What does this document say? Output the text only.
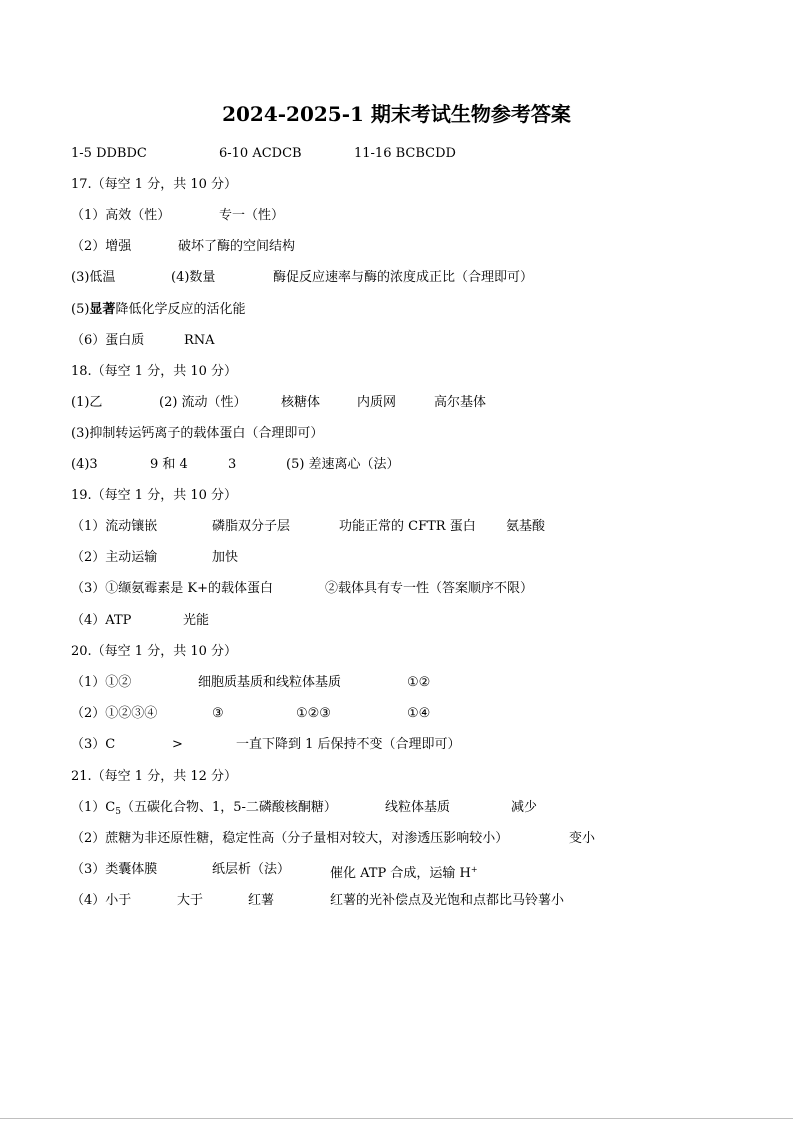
2024-2025-1 期末考试生物参考答案
1-5 DDBDC	6-10 ACDCB	11-16 BCBCDD
17.（每空 1 分，共 10 分）
（1）高效（性）	专一（性）
（2）增强	破坏了酶的空间结构
(3)低温	(4)数量	酶促反应速率与酶的浓度成正比（合理即可）
(5)显著降低化学反应的活化能
（6）蛋白质	RNA
18.（每空 1 分，共 10 分）
(1)乙	(2) 流动（性）	核糖体	内质网	高尔基体
(3)抑制转运钙离子的载体蛋白（合理即可）
(4)3	9 和 4	3	(5) 差速离心（法）
19.（每空 1 分，共 10 分）
（1）流动镶嵌	磷脂双分子层	功能正常的 CFTR 蛋白 氨基酸
（2）主动运输	加快
（3）①缬氨霉素是 K+的载体蛋白	②载体具有专一性（答案顺序不限）
（4）ATP	光能
20.（每空 1 分，共 10 分）
（1）①②	细胞质基质和线粒体基质	①②
（2）①②③④	③	①②③	①④
（3）C	>	一直下降到 1 后保持不变（合理即可）
21.（每空 1 分，共 12 分）
$(1)C_5$（五碳化合物、1，5-二磷酸核酮糖）	线粒体基质	减少
（2）蔗糖为非还原性糖，稳定性高（分子量相对较大，对渗透压影响较小）	变小
（3）类囊体膜	纸层析（法）	催化 ATP 合成，运输 H+
（4）小于	大于	红薯	红薯的光补偿点及光饱和点都比马铃薯小
